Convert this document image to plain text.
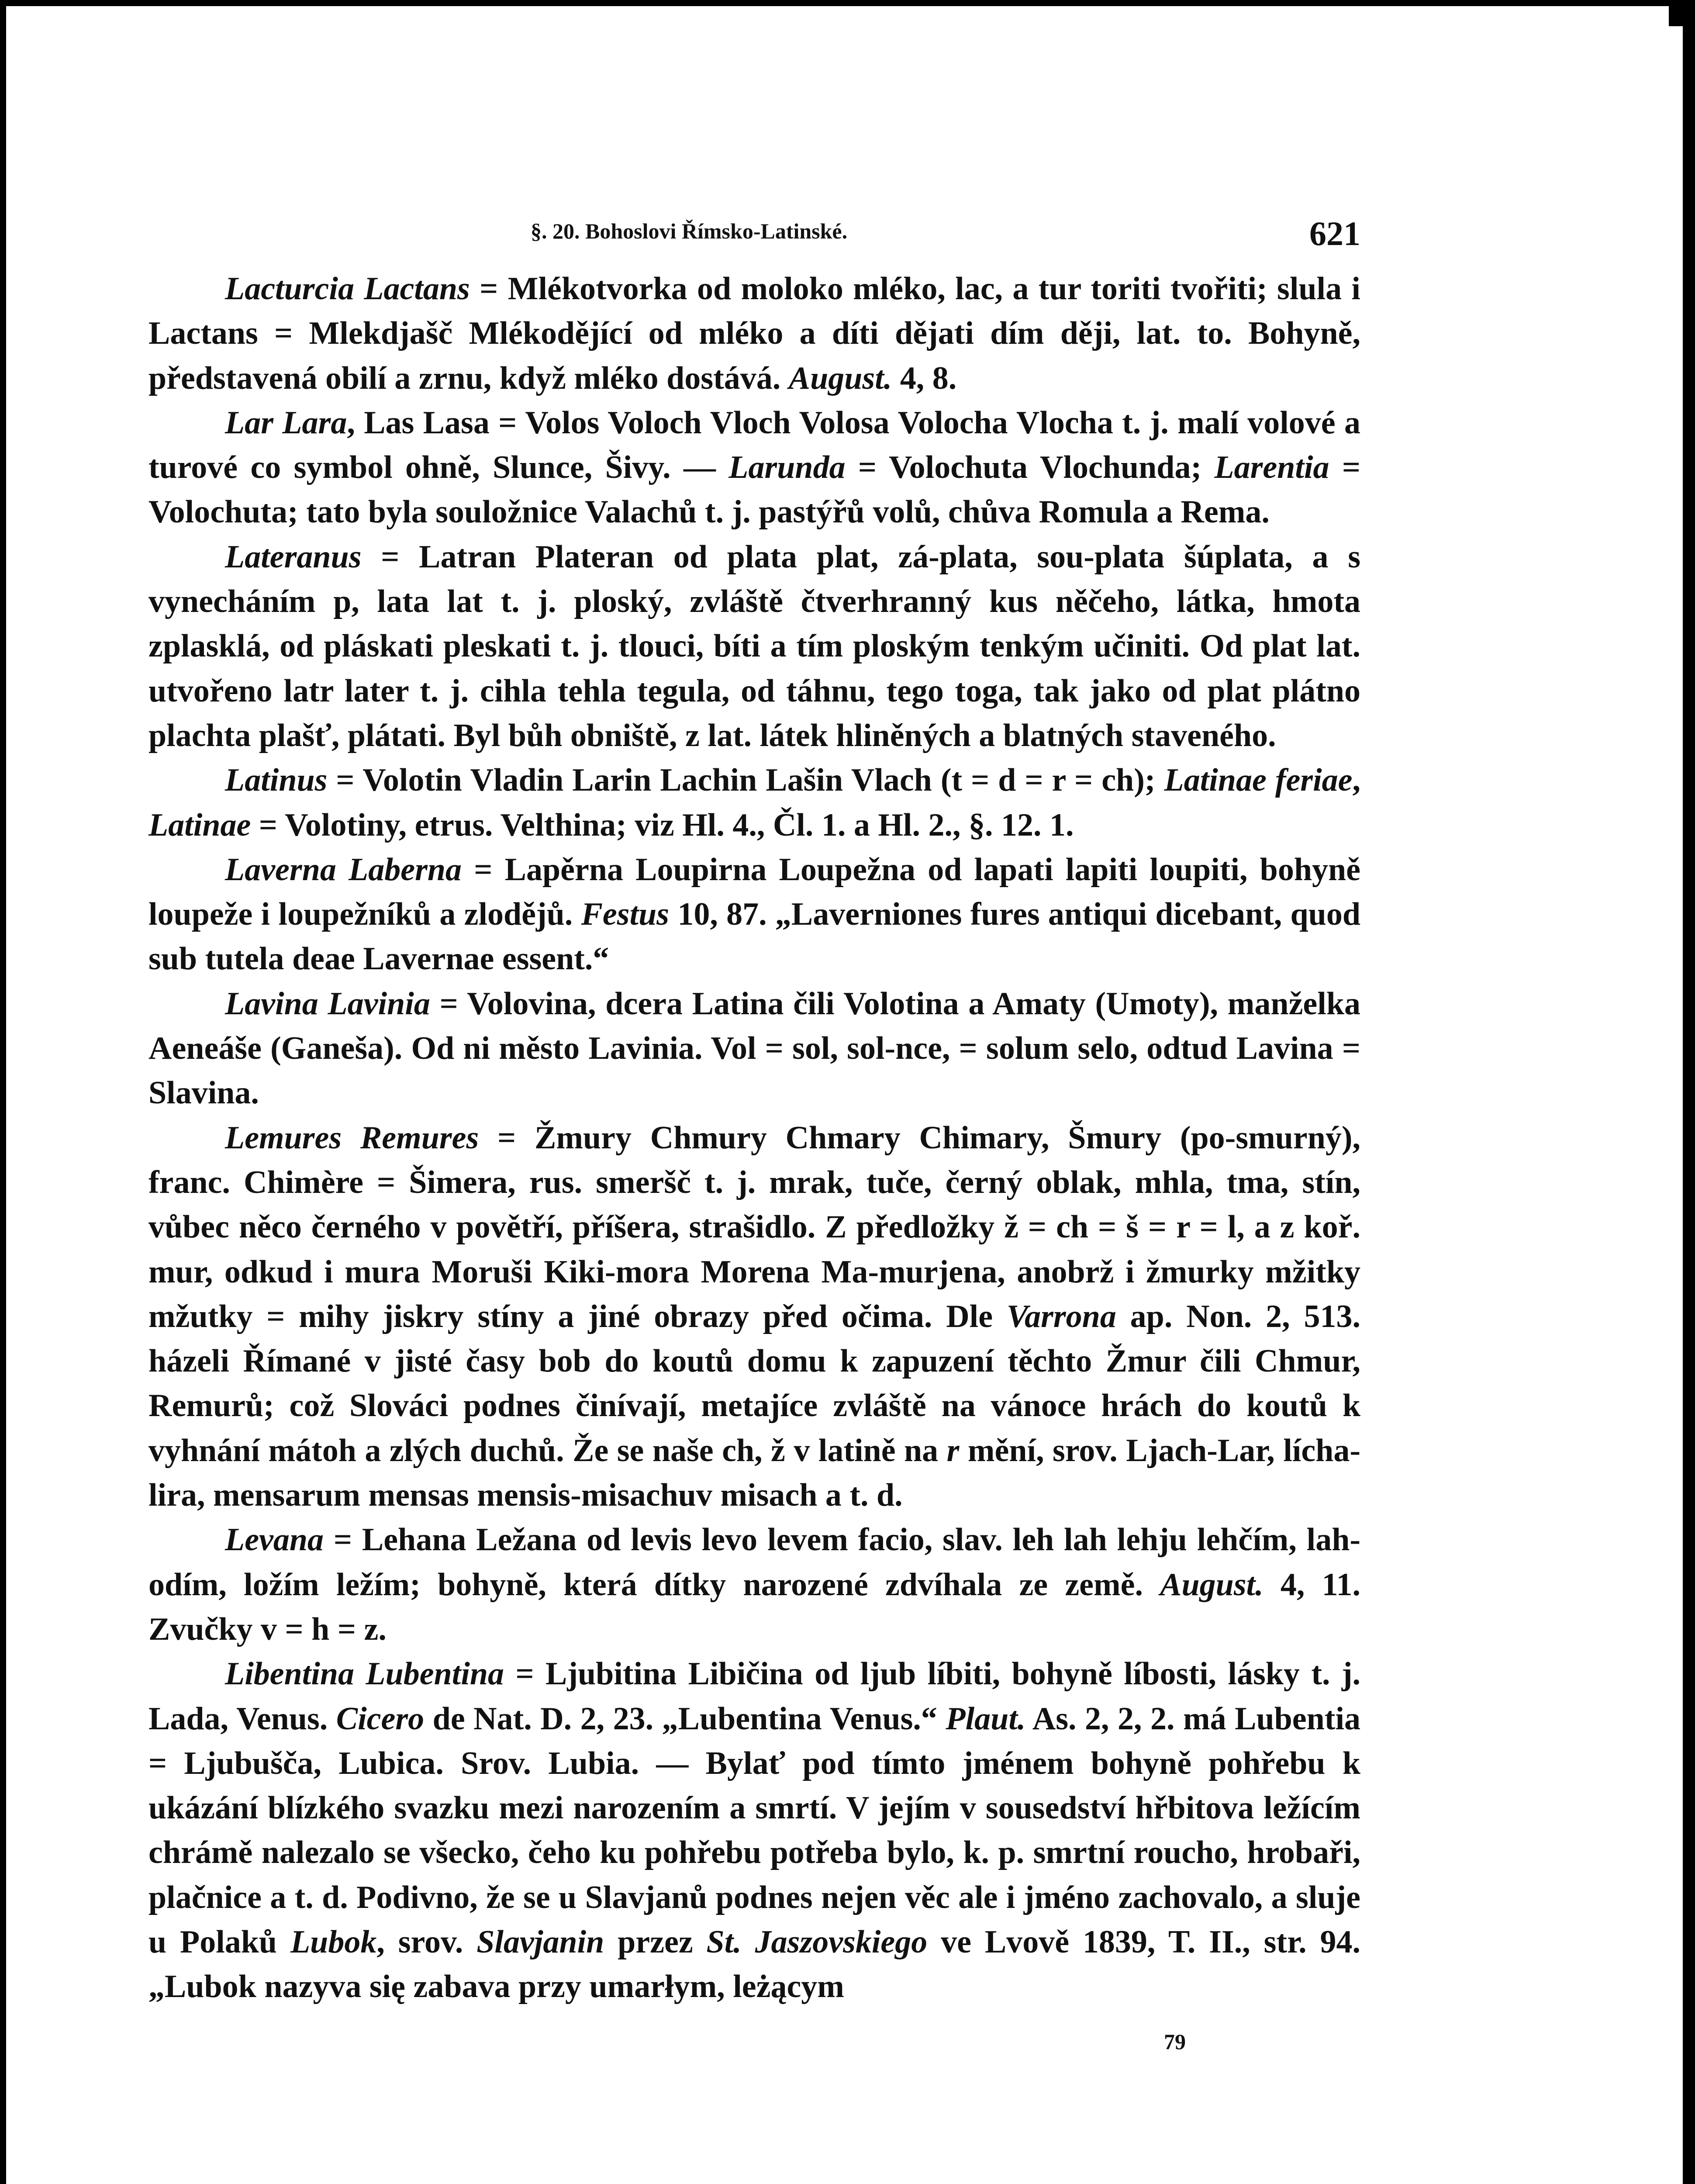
§. 20. Bohoslovi Římsko-Latinské.	621

Lacturcia Lactans = Mlékotvorka od moloko mléko, lac, a tur toriti tvořiti; slula i Lactans = Mlekdjašč Mlékodějící od mléko a díti dějati dím ději, lat. to. Bohyně, představená obilí a zrnu, když mléko dostává. August. 4, 8.

Lar Lara, Las Lasa = Volos Voloch Vloch Volosa Volocha Vlocha t. j. malí volové a turové co symbol ohně, Slunce, Šivy. — Larunda = Volochuta Vlochunda; Larentia = Volochuta; tato byla souložnice Valachů t. j. pastýřů volů, chůva Romula a Rema.

Lateranus = Latran Plateran od plata plat, zá-plata, sou-plata šúplata, a s vynecháním p, lata lat t. j. ploský, zvláště čtverhranný kus něčeho, látka, hmota zplasklá, od pláskati pleskati t. j. tlouci, bíti a tím ploským tenkým učiniti. Od plat lat. utvořeno latr later t. j. cihla tehla tegula, od táhnu, tego toga, tak jako od plat plátno plachta plašť, plátati. Byl bůh obniště, z lat. látek hliněných a blatných staveného.

Latinus = Volotin Vladin Larin Lachin Lašin Vlach (t = d = r = ch); Latinae feriae, Latinae = Volotiny, etrus. Velthina; viz Hl. 4., Čl. 1. a Hl. 2., §. 12. 1.

Laverna Laberna = Lapěrna Loupirna Loupežna od lapati lapiti loupiti, bohyně loupeže i loupežníků a zlodějů. Festus 10, 87. „Laverniones fures antiqui dicebant, quod sub tutela deae Lavernae essent.“

Lavina Lavinia = Volovina, dcera Latina čili Volotina a Amaty (Umoty), manželka Aeneáše (Ganeša). Od ni město Lavinia. Vol = sol, sol-nce, = solum selo, odtud Lavina = Slavina.

Lemures Remures = Žmury Chmury Chmary Chimary, Šmury (po-smurný), franc. Chimère = Šimera, rus. smeršč t. j. mrak, tuče, černý oblak, mhla, tma, stín, vůbec něco černého v povětří, příšera, strašidlo. Z předložky ž = ch = š = r = l, a z koř. mur, odkud i mura Moruši Kiki-mora Morena Ma-murjena, anobrž i žmurky mžitky mžutky = mihy jiskry stíny a jiné obrazy před očima. Dle Varrona ap. Non. 2, 513. házeli Římané v jisté časy bob do koutů domu k zapuzení těchto Žmur čili Chmur, Remurů; což Slováci podnes činívají, metajíce zvláště na vánoce hrách do koutů k vyhnání mátoh a zlých duchů. Že se naše ch, ž v latině na r mění, srov. Ljach-Lar, lícha-lira, mensarum mensas mensis-misachuv misach a t. d.

Levana = Lehana Ležana od levis levo levem facio, slav. leh lah lehju lehčím, lah-odím, ložím ležím; bohyně, která dítky narozené zdvíhala ze země. August. 4, 11. Zvučky v = h = z.

Libentina Lubentina = Ljubitina Libičina od ljub líbiti, bohyně líbosti, lásky t. j. Lada, Venus. Cicero de Nat. D. 2, 23. „Lubentina Venus.“ Plaut. As. 2, 2, 2. má Lubentia = Ljubušča, Lubica. Srov. Lubia. — Bylať pod tímto jménem bohyně pohřebu k ukázání blízkého svazku mezi narozením a smrtí. V jejím v sousedství hřbitova ležícím chrámě nalezalo se všecko, čeho ku pohřebu potřeba bylo, k. p. smrtní roucho, hrobaři, plačnice a t. d. Podivno, že se u Slavjanů podnes nejen věc ale i jméno zachovalo, a sluje u Polaků Lubok, srov. Slavjanin przez St. Jaszovskiego ve Lvově 1839, T. II., str. 94. „Lubok nazyva się zabava przy umarłym, leżącym

79
